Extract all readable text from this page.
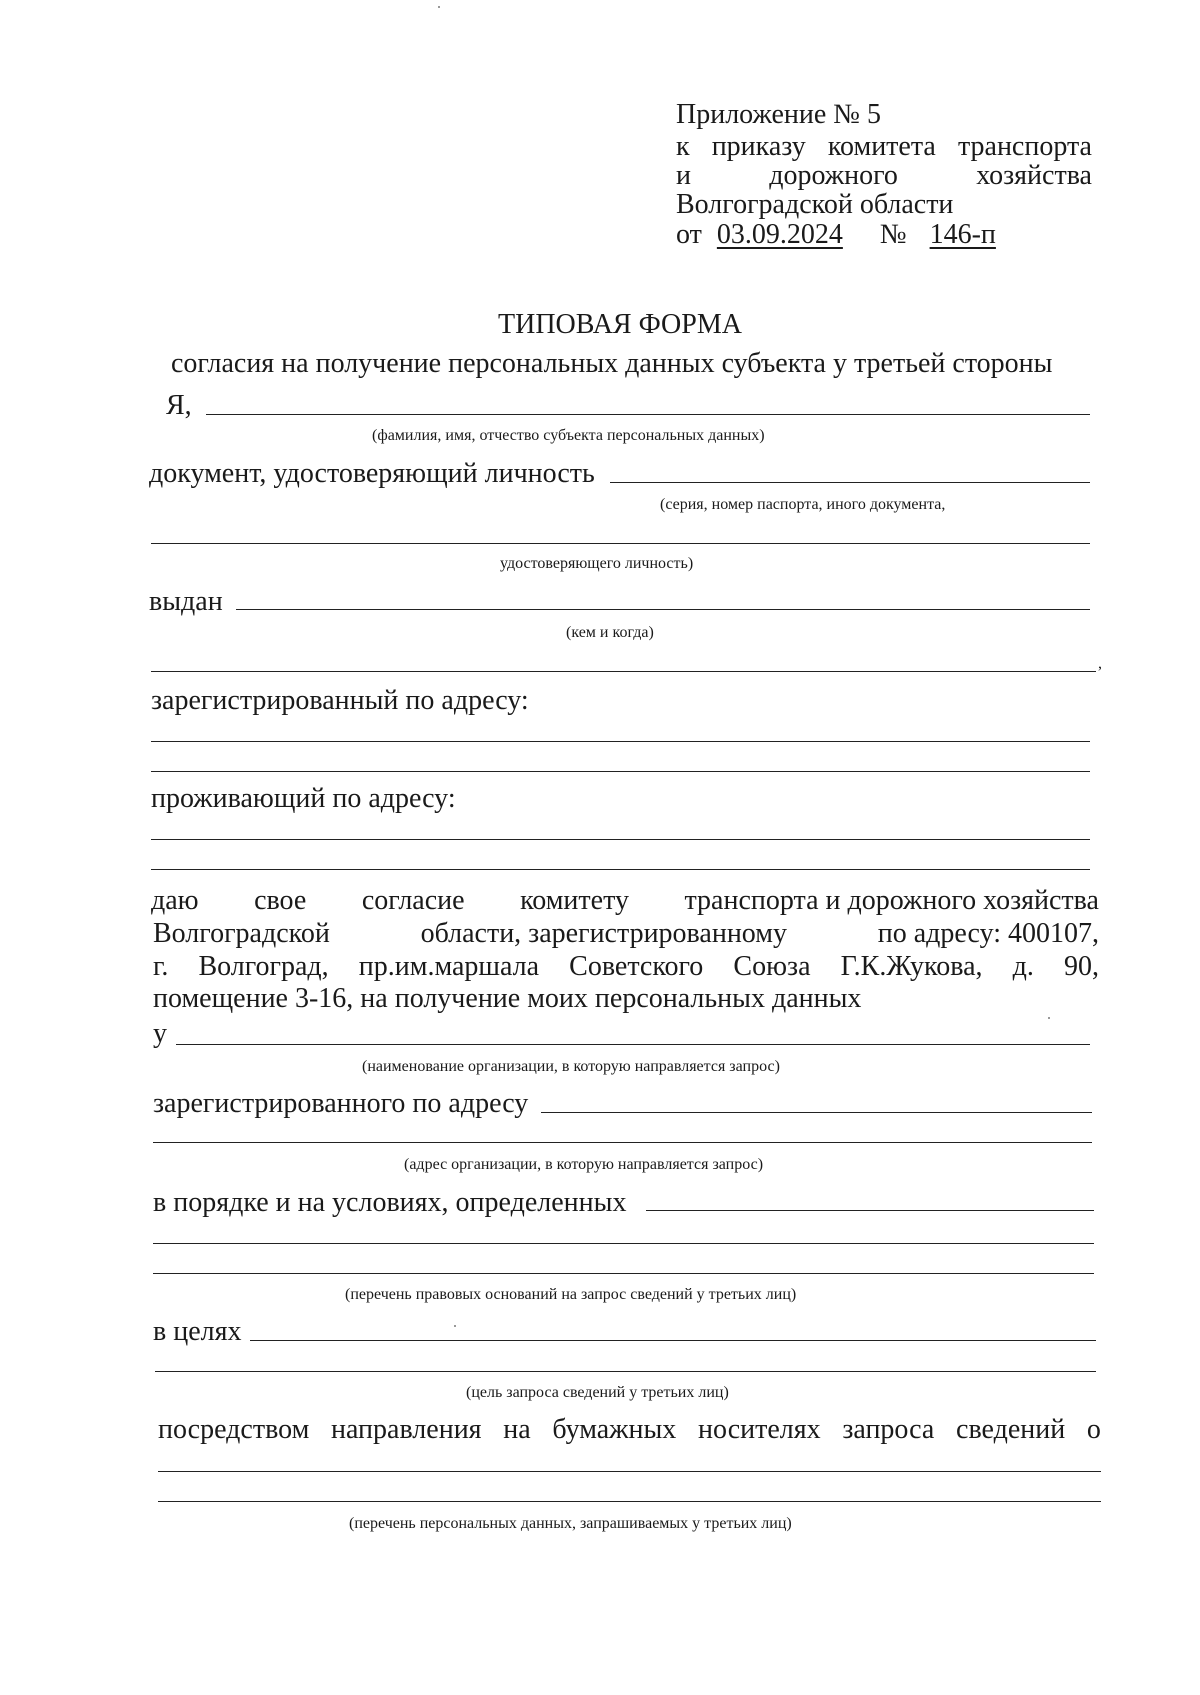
Приложение № 5
к приказу комитета транспорта
и	дорожного	хозяйства
Волгоградской области
от 03.09.2024 № 146-п
ТИПОВАЯ ФОРМА
согласия на получение персональных данных субъекта у третьей стороны
Я,
(фамилия, имя, отчество субъекта персональных данных)
документ, удостоверяющий личность
(серия, номер паспорта, иного документа,
удостоверяющего личность)
выдан
(кем и когда)
,
зарегистрированный по адресу:
проживающий по адресу:
даю свое согласие комитету транспорта и дорожного хозяйства
Волгоградской	области, зарегистрированному	по адресу: 400107,
г. Волгоград, пр.им.маршала Советского Союза Г.К.Жукова, д. 90,
помещение 3-16, на получение моих персональных данных
у
(наименование организации, в которую направляется запрос)
зарегистрированного по адресу
(адрес организации, в которую направляется запрос)
в порядке и на условиях, определенных
(перечень правовых оснований на запрос сведений у третьих лиц)
в целях
(цель запроса сведений у третьих лиц)
посредством направления на бумажных носителях запроса сведений о
(перечень персональных данных, запрашиваемых у третьих лиц)
